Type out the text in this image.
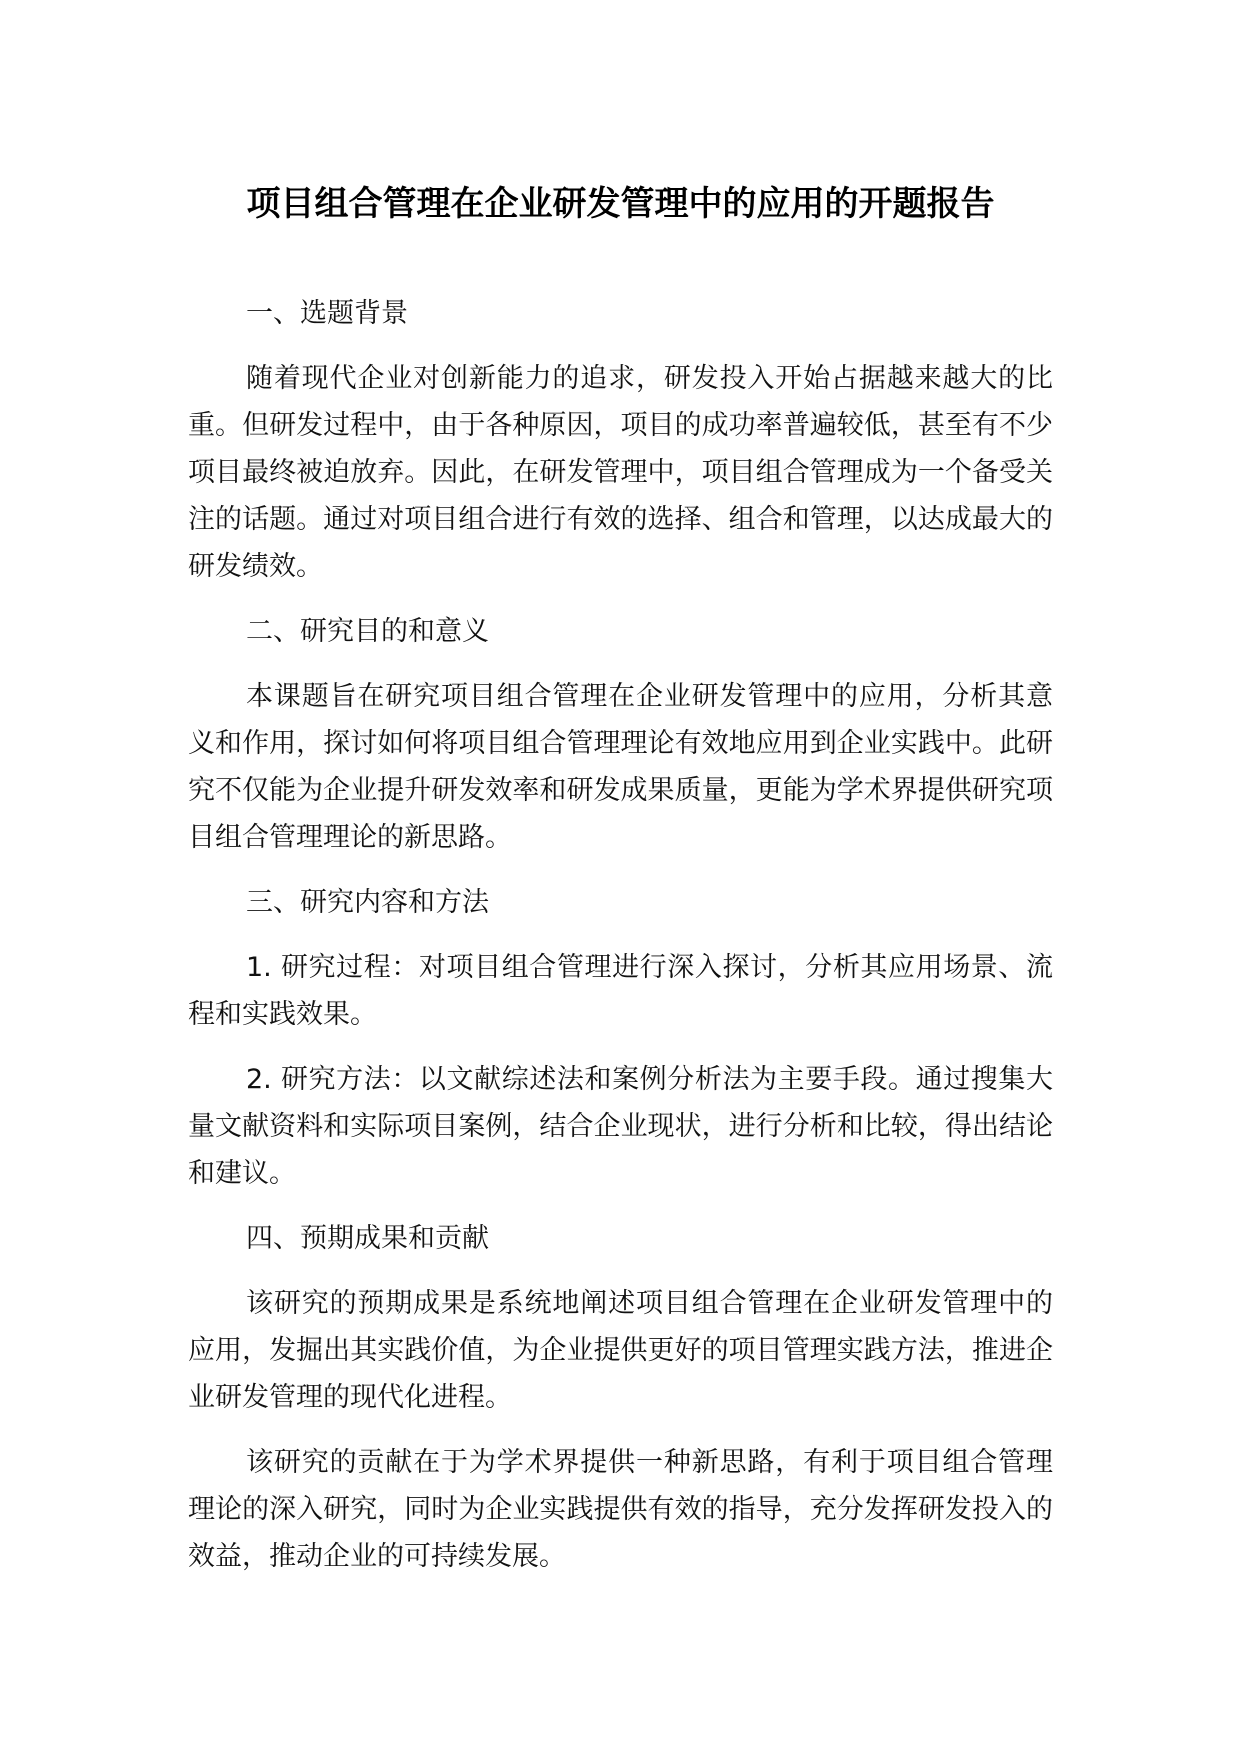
项目组合管理在企业研发管理中的应用的开题报告

一、选题背景

随着现代企业对创新能力的追求，研发投入开始占据越来越大的比重。但研发过程中，由于各种原因，项目的成功率普遍较低，甚至有不少项目最终被迫放弃。因此，在研发管理中，项目组合管理成为一个备受关注的话题。通过对项目组合进行有效的选择、组合和管理，以达成最大的研发绩效。

二、研究目的和意义

本课题旨在研究项目组合管理在企业研发管理中的应用，分析其意义和作用，探讨如何将项目组合管理理论有效地应用到企业实践中。此研究不仅能为企业提升研发效率和研发成果质量，更能为学术界提供研究项目组合管理理论的新思路。

三、研究内容和方法

1. 研究过程：对项目组合管理进行深入探讨，分析其应用场景、流程和实践效果。

2. 研究方法：以文献综述法和案例分析法为主要手段。通过搜集大量文献资料和实际项目案例，结合企业现状，进行分析和比较，得出结论和建议。

四、预期成果和贡献

该研究的预期成果是系统地阐述项目组合管理在企业研发管理中的应用，发掘出其实践价值，为企业提供更好的项目管理实践方法，推进企业研发管理的现代化进程。

该研究的贡献在于为学术界提供一种新思路，有利于项目组合管理理论的深入研究，同时为企业实践提供有效的指导，充分发挥研发投入的效益，推动企业的可持续发展。
